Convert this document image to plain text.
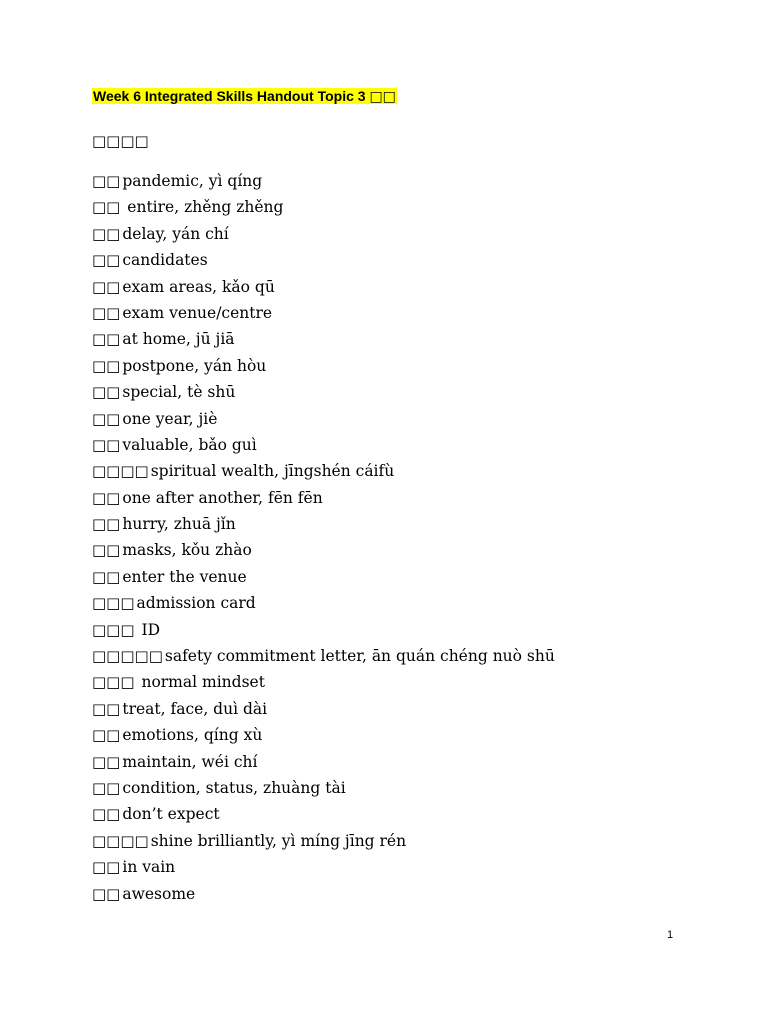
Week 6 Integrated Skills Handout Topic 3 □□
□□□□
□□ pandemic, yì qíng
□□ entire, zhěng zhěng
□□ delay, yán chí
□□ candidates
□□ exam areas, kǎo qū
□□ exam venue/centre
□□ at home, jū jiā
□□ postpone, yán hòu
□□ special, tè shū
□□ one year, jiè
□□ valuable, bǎo guì
□□□□ spiritual wealth, jīngshén cáifù
□□ one after another, fēn fēn
□□ hurry, zhuā jǐn
□□ masks, kǒu zhào
□□ enter the venue
□□□ admission card
□□□ ID
□□□□□ safety commitment letter, ān quán chéng nuò shū
□□□ normal mindset
□□ treat, face, duì dài
□□ emotions, qíng xù
□□ maintain, wéi chí
□□ condition, status, zhuàng tài
□□ don’t expect
□□□□ shine brilliantly, yì míng jīng rén
□□ in vain
□□ awesome
1
